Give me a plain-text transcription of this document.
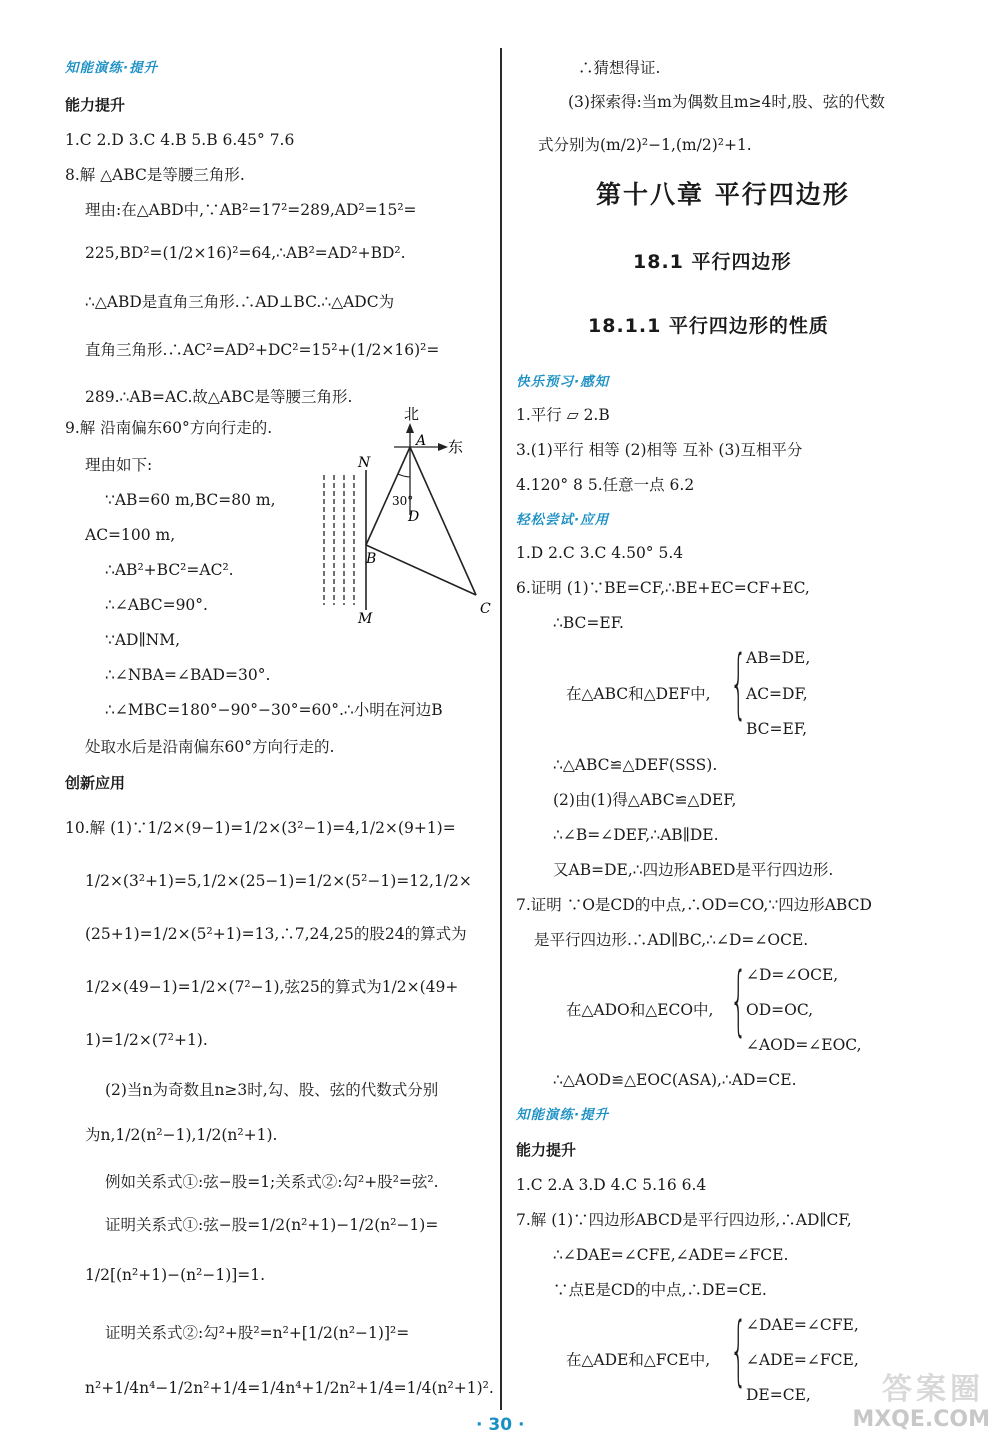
知能演练·提升
能力提升
1.C 2.D 3.C 4.B 5.B 6.45° 7.6
8.解 △ABC是等腰三角形.
理由:在△ABD中,∵AB²=17²=289,AD²=15²=
225,BD²=(1/2×16)²=64,∴AB²=AD²+BD².
∴△ABD是直角三角形.∴AD⊥BC.∴△ADC为
直角三角形.∴AC²=AD²+DC²=15²+(1/2×16)²=
289.∴AB=AC.故△ABC是等腰三角形.
9.解 沿南偏东60°方向行走的.
理由如下:
∵AB=60 m,BC=80 m,
AC=100 m,
∴AB²+BC²=AC².
∴∠ABC=90°.
∵AD∥NM,
∴∠NBA=∠BAD=30°.
∴∠MBC=180°−90°−30°=60°.∴小明在河边B
处取水后是沿南偏东60°方向行走的.
北
A 东
N
30°
D
B
M
C
创新应用
10.解 (1)∵1/2×(9−1)=1/2×(3²−1)=4,1/2×(9+1)=
1/2×(3²+1)=5,1/2×(25−1)=1/2×(5²−1)=12,1/2×
(25+1)=1/2×(5²+1)=13,∴7,24,25的股24的算式为
1/2×(49−1)=1/2×(7²−1),弦25的算式为1/2×(49+
1)=1/2×(7²+1).
(2)当n为奇数且n≥3时,勾、股、弦的代数式分别
为n,1/2(n²−1),1/2(n²+1).
例如关系式①:弦−股=1;关系式②:勾²+股²=弦².
证明关系式①:弦−股=1/2(n²+1)−1/2(n²−1)=
1/2[(n²+1)−(n²−1)]=1.
证明关系式②:勾²+股²=n²+[1/2(n²−1)]²=
n²+1/4n⁴−1/2n²+1/4=1/4n⁴+1/2n²+1/4=1/4(n²+1)².
∴猜想得证.
(3)探索得:当m为偶数且m≥4时,股、弦的代数
式分别为(m/2)²−1,(m/2)²+1.
第十八章 平行四边形
18.1 平行四边形
18.1.1 平行四边形的性质
快乐预习·感知
1.平行 ▱ 2.B
3.(1)平行 相等 (2)相等 互补 (3)互相平分
4.120° 8 5.任意一点 6.2
轻松尝试·应用
1.D 2.C 3.C 4.50° 5.4
6.证明 (1)∵BE=CF,∴BE+EC=CF+EC,
∴BC=EF.
AB=DE,
在△ABC和△DEF中, { AC=DF,
BC=EF,
∴△ABC≌△DEF(SSS).
(2)由(1)得△ABC≌△DEF,
∴∠B=∠DEF,∴AB∥DE.
又AB=DE,∴四边形ABED是平行四边形.
7.证明 ∵O是CD的中点,∴OD=CO,∵四边形ABCD
是平行四边形.∴AD∥BC,∴∠D=∠OCE.
∠D=∠OCE,
在△ADO和△ECO中, { OD=OC,
∠AOD=∠EOC,
∴△AOD≌△EOC(ASA),∴AD=CE.
知能演练·提升
能力提升
1.C 2.A 3.D 4.C 5.16 6.4
7.解 (1)∵四边形ABCD是平行四边形,∴AD∥CF,
∴∠DAE=∠CFE,∠ADE=∠FCE.
∵点E是CD的中点,∴DE=CE.
∠DAE=∠CFE,
在△ADE和△FCE中, { ∠ADE=∠FCE,
DE=CE,
· 30 ·
答案圈
MXQE.COM
